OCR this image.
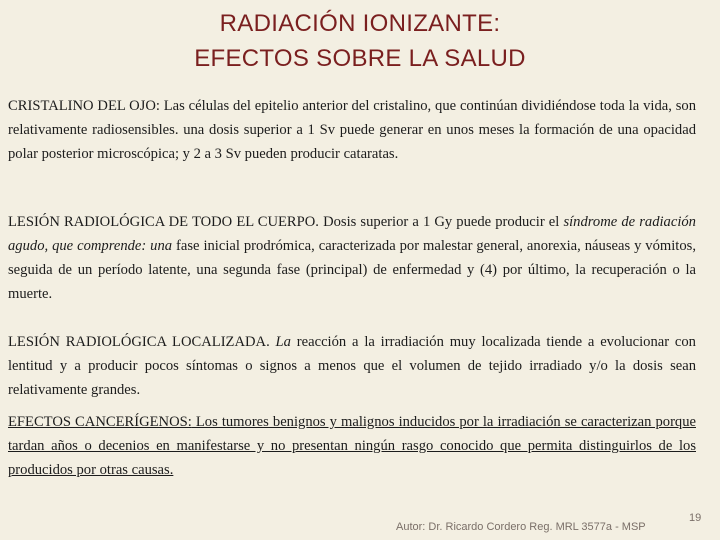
RADIACIÓN IONIZANTE:
EFECTOS SOBRE LA SALUD
CRISTALINO DEL OJO: Las células del epitelio anterior del cristalino, que continúan dividiéndose toda la vida, son relativamente radiosensibles. una dosis superior a 1 Sv puede generar en unos meses la formación de una opacidad polar posterior microscópica; y 2 a 3 Sv pueden producir cataratas.
LESIÓN RADIOLÓGICA DE TODO EL CUERPO. Dosis superior a 1 Gy puede producir el síndrome de radiación agudo, que comprende: una fase inicial prodrómica, caracterizada por malestar general, anorexia, náuseas y vómitos, seguida de un período latente, una segunda fase (principal) de enfermedad y (4) por último, la recuperación o la muerte.
LESIÓN RADIOLÓGICA LOCALIZADA. La reacción a la irradiación muy localizada tiende a evolucionar con lentitud y a producir pocos síntomas o signos a menos que el volumen de tejido irradiado y/o la dosis sean relativamente grandes.
EFECTOS CANCERÍGENOS: Los tumores benignos y malignos inducidos por la irradiación se caracterizan porque tardan años o decenios en manifestarse y no presentan ningún rasgo conocido que permita distinguirlos de los producidos por otras causas.
Autor: Dr. Ricardo Cordero Reg. MRL 3577a - MSP
19
